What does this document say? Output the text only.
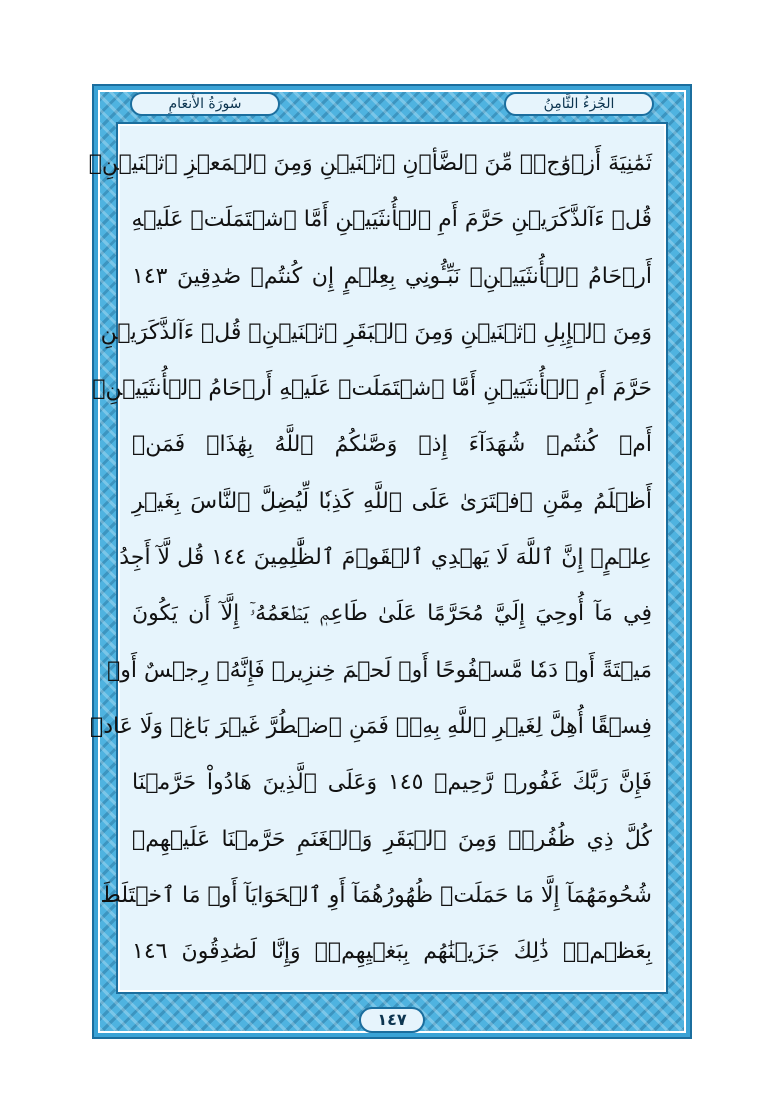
سُورَةُ الأَنعَامِ	الجُزءُ الثَّامِنُ
ثَمَٰنِيَةَ أَزۡوَٰجٖۖ مِّنَ ٱلضَّأۡنِ ٱثۡنَيۡنِ وَمِنَ ٱلۡمَعۡزِ ٱثۡنَيۡنِۗ
قُلۡ ءَآلذَّكَرَيۡنِ حَرَّمَ أَمِ ٱلۡأُنثَيَيۡنِ أَمَّا ٱشۡتَمَلَتۡ عَلَيۡهِ
أَرۡحَامُ ٱلۡأُنثَيَيۡنِۖ نَبِّـُٔونِي بِعِلۡمٍ إِن كُنتُمۡ صَٰدِقِينَ ١٤٣
وَمِنَ ٱلۡإِبِلِ ٱثۡنَيۡنِ وَمِنَ ٱلۡبَقَرِ ٱثۡنَيۡنِۗ قُلۡ ءَآلذَّكَرَيۡنِ
حَرَّمَ أَمِ ٱلۡأُنثَيَيۡنِ أَمَّا ٱشۡتَمَلَتۡ عَلَيۡهِ أَرۡحَامُ ٱلۡأُنثَيَيۡنِۖ
أَمۡ كُنتُمۡ شُهَدَآءَ إِذۡ وَصَّىٰكُمُ ٱللَّهُ بِهَٰذَاۚ فَمَنۡ
أَظۡلَمُ مِمَّنِ ٱفۡتَرَىٰ عَلَى ٱللَّهِ كَذِبٗا لِّيُضِلَّ ٱلنَّاسَ بِغَيۡرِ
عِلۡمٍۚ إِنَّ ٱللَّهَ لَا يَهۡدِي ٱلۡقَوۡمَ ٱلظَّٰلِمِينَ ١٤٤ قُل لَّآ أَجِدُ
فِي مَآ أُوحِيَ إِلَيَّ مُحَرَّمًا عَلَىٰ طَاعِمٖ يَطۡعَمُهُۥٓ إِلَّآ أَن يَكُونَ
مَيۡتَةً أَوۡ دَمٗا مَّسۡفُوحًا أَوۡ لَحۡمَ خِنزِيرٖ فَإِنَّهُۥ رِجۡسٌ أَوۡ
فِسۡقًا أُهِلَّ لِغَيۡرِ ٱللَّهِ بِهِۦۚ فَمَنِ ٱضۡطُرَّ غَيۡرَ بَاغٖ وَلَا عَادٖ
فَإِنَّ رَبَّكَ غَفُورٞ رَّحِيمٞ ١٤٥ وَعَلَى ٱلَّذِينَ هَادُواْ حَرَّمۡنَا
كُلَّ ذِي ظُفُرٖۖ وَمِنَ ٱلۡبَقَرِ وَٱلۡغَنَمِ حَرَّمۡنَا عَلَيۡهِمۡ
شُحُومَهُمَآ إِلَّا مَا حَمَلَتۡ ظُهُورُهُمَآ أَوِ ٱلۡحَوَايَآ أَوۡ مَا ٱخۡتَلَطَ
بِعَظۡمٖۚ ذَٰلِكَ جَزَيۡنَٰهُم بِبَغۡيِهِمۡۖ وَإِنَّا لَصَٰدِقُونَ ١٤٦
١٤٧
